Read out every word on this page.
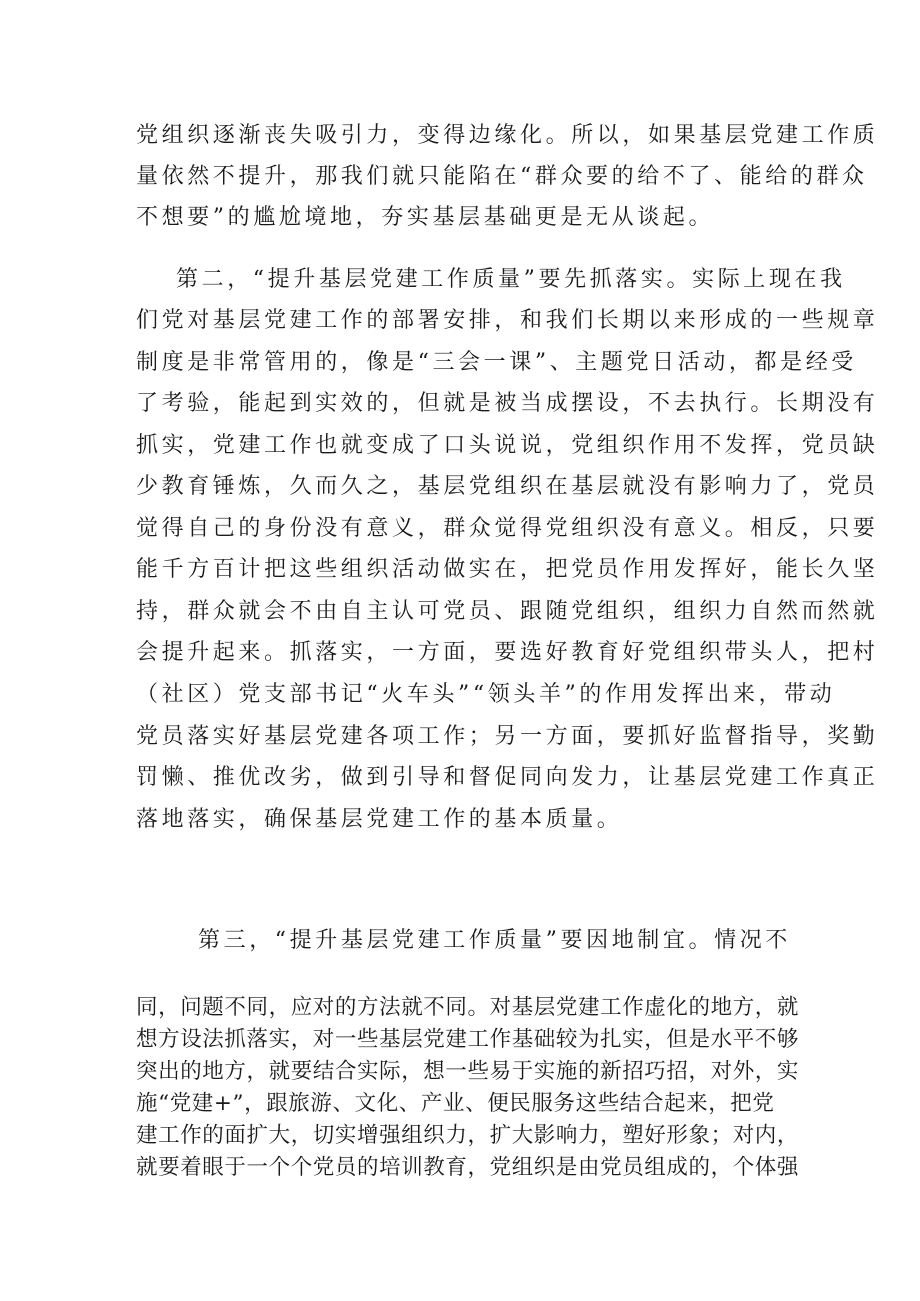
党组织逐渐丧失吸引力，变得边缘化。所以，如果基层党建工作质

量依然不提升，那我们就只能陷在“群众要的给不了、能给的群众

不想要”的尴尬境地，夯实基层基础更是无从谈起。

第二，“提升基层党建工作质量”要先抓落实。实际上现在我

们党对基层党建工作的部署安排，和我们长期以来形成的一些规章

制度是非常管用的，像是“三会一课”、主题党日活动，都是经受

了考验，能起到实效的，但就是被当成摆设，不去执行。长期没有

抓实，党建工作也就变成了口头说说，党组织作用不发挥，党员缺

少教育锤炼，久而久之，基层党组织在基层就没有影响力了，党员

觉得自己的身份没有意义，群众觉得党组织没有意义。相反，只要

能千方百计把这些组织活动做实在，把党员作用发挥好，能长久坚

持，群众就会不由自主认可党员、跟随党组织，组织力自然而然就

会提升起来。抓落实，一方面，要选好教育好党组织带头人，把村

（社区）党支部书记“火车头”“领头羊”的作用发挥出来，带动

党员落实好基层党建各项工作；另一方面，要抓好监督指导，奖勤

罚懒、推优改劣，做到引导和督促同向发力，让基层党建工作真正

落地落实，确保基层党建工作的基本质量。

第三，“提升基层党建工作质量”要因地制宜。情况不

同，问题不同，应对的方法就不同。对基层党建工作虚化的地方，就

想方设法抓落实，对一些基层党建工作基础较为扎实，但是水平不够

突出的地方，就要结合实际，想一些易于实施的新招巧招，对外，实

施“党建+”，跟旅游、文化、产业、便民服务这些结合起来，把党

建工作的面扩大，切实增强组织力，扩大影响力，塑好形象；对内，

就要着眼于一个个党员的培训教育，党组织是由党员组成的，个体强
